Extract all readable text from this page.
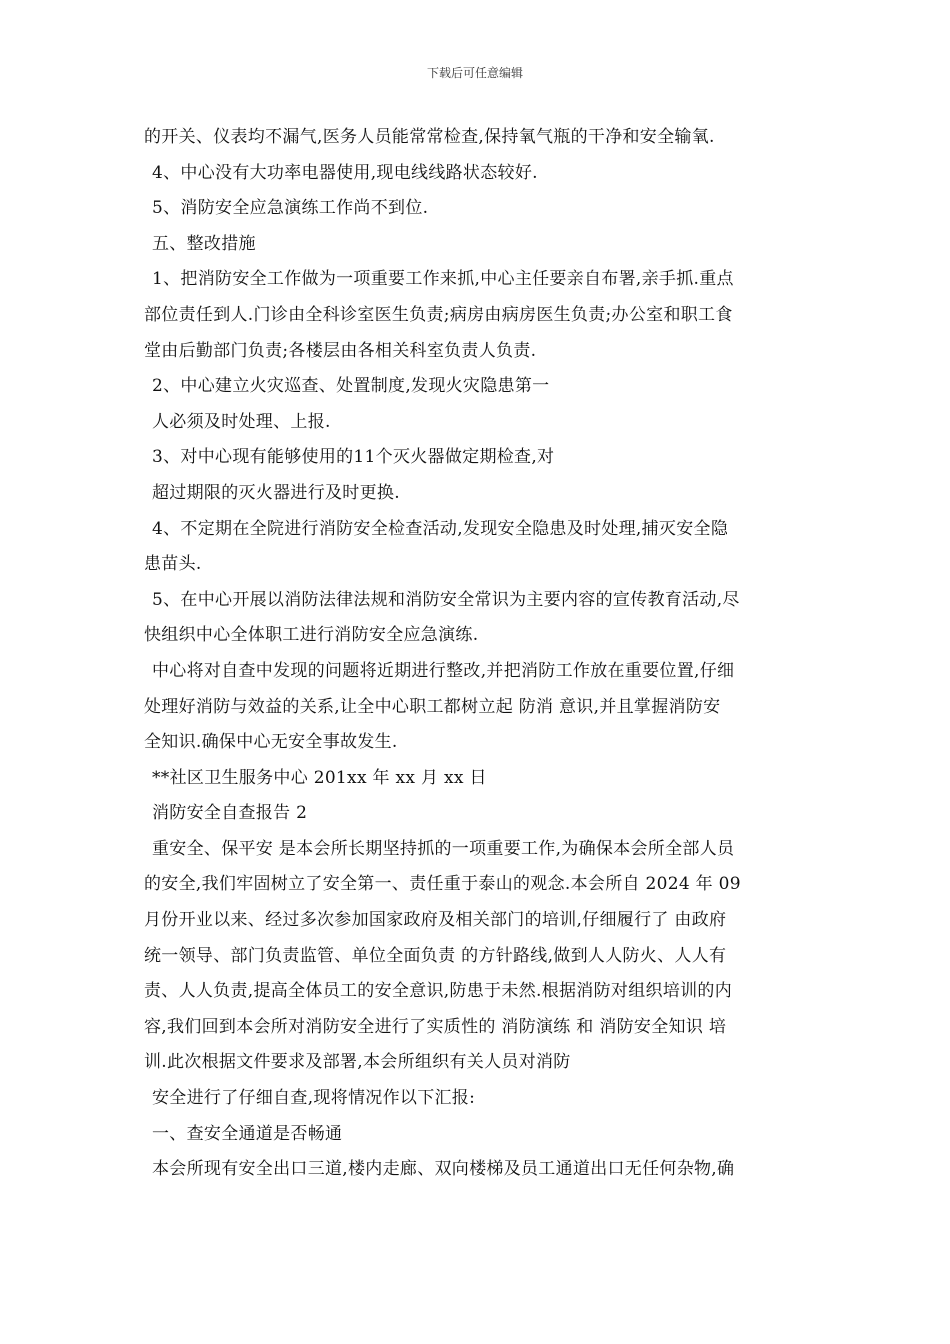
下载后可任意编辑
的开关、仪表均不漏气,医务人员能常常检查,保持氧气瓶的干净和安全输氧.
4、中心没有大功率电器使用,现电线线路状态较好.
5、消防安全应急演练工作尚不到位.
五、整改措施
1、把消防安全工作做为一项重要工作来抓,中心主任要亲自布署,亲手抓.重点
部位责任到人.门诊由全科诊室医生负责;病房由病房医生负责;办公室和职工食
堂由后勤部门负责;各楼层由各相关科室负责人负责.
2、中心建立火灾巡查、处置制度,发现火灾隐患第一
人必须及时处理、上报.
3、对中心现有能够使用的11个灭火器做定期检查,对
超过期限的灭火器进行及时更换.
4、不定期在全院进行消防安全检查活动,发现安全隐患及时处理,捕灭安全隐
患苗头.
5、在中心开展以消防法律法规和消防安全常识为主要内容的宣传教育活动,尽
快组织中心全体职工进行消防安全应急演练.
中心将对自查中发现的问题将近期进行整改,并把消防工作放在重要位置,仔细
处理好消防与效益的关系,让全中心职工都树立起 防消 意识,并且掌握消防安
全知识.确保中心无安全事故发生.
**社区卫生服务中心 201xx 年 xx 月 xx 日
消防安全自查报告 2
重安全、保平安 是本会所长期坚持抓的一项重要工作,为确保本会所全部人员
的安全,我们牢固树立了安全第一、责任重于泰山的观念.本会所自 2024 年 09
月份开业以来、经过多次参加国家政府及相关部门的培训,仔细履行了 由政府
统一领导、部门负责监管、单位全面负责 的方针路线,做到人人防火、人人有
责、人人负责,提高全体员工的安全意识,防患于未然.根据消防对组织培训的内
容,我们回到本会所对消防安全进行了实质性的 消防演练 和 消防安全知识 培
训.此次根据文件要求及部署,本会所组织有关人员对消防
安全进行了仔细自查,现将情况作以下汇报:
一、查安全通道是否畅通
本会所现有安全出口三道,楼内走廊、双向楼梯及员工通道出口无任何杂物,确
